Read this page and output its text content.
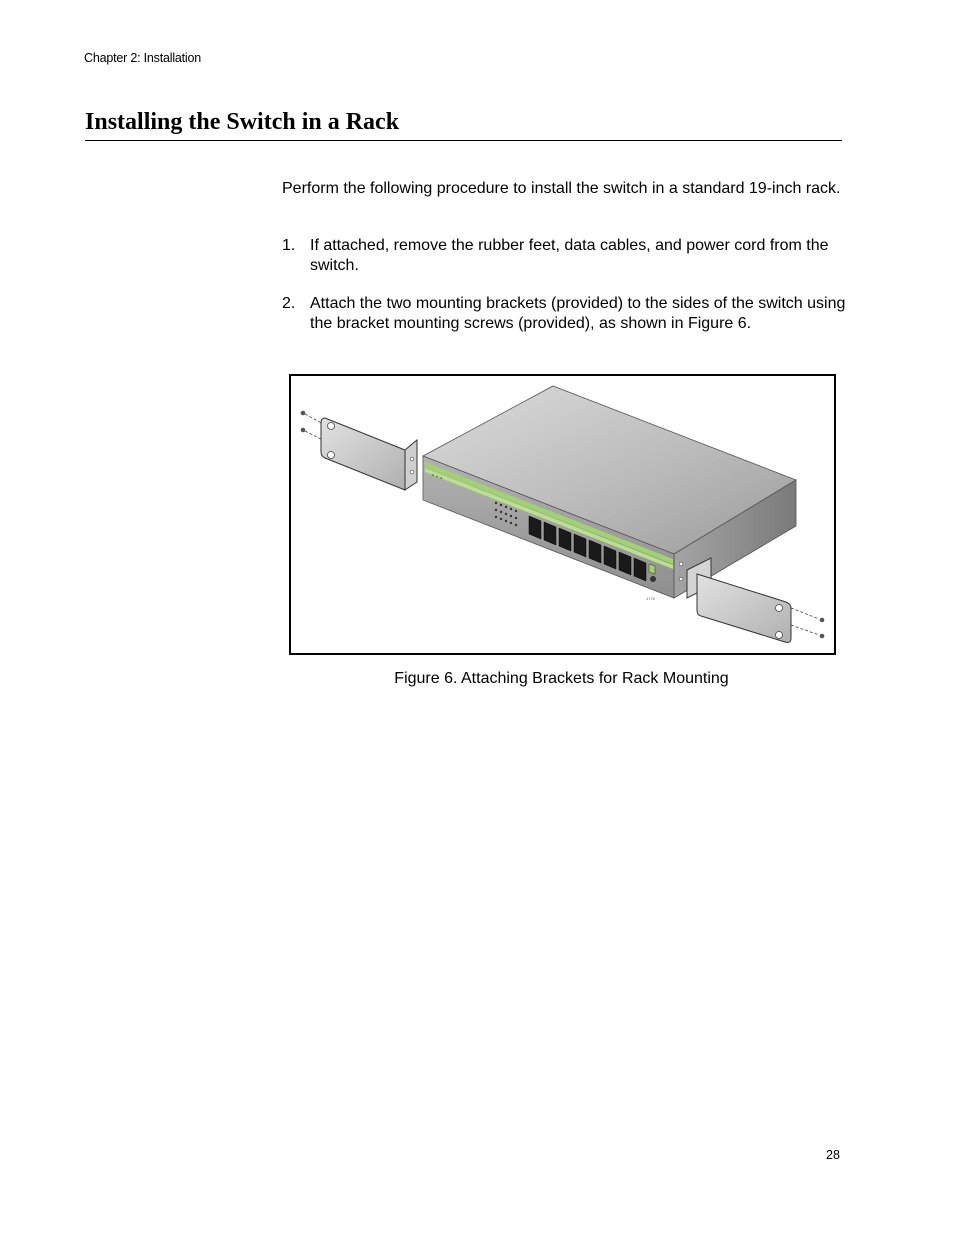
Chapter 2: Installation
Installing the Switch in a Rack

Perform the following procedure to install the switch in a standard 19-inch rack.

1. If attached, remove the rubber feet, data cables, and power cord from the switch.
2. Attach the two mounting brackets (provided) to the sides of the switch using the bracket mounting screws (provided), as shown in Figure 6.
▲ ▲ ▲
1776
Figure 6. Attaching Brackets for Rack Mounting
28
